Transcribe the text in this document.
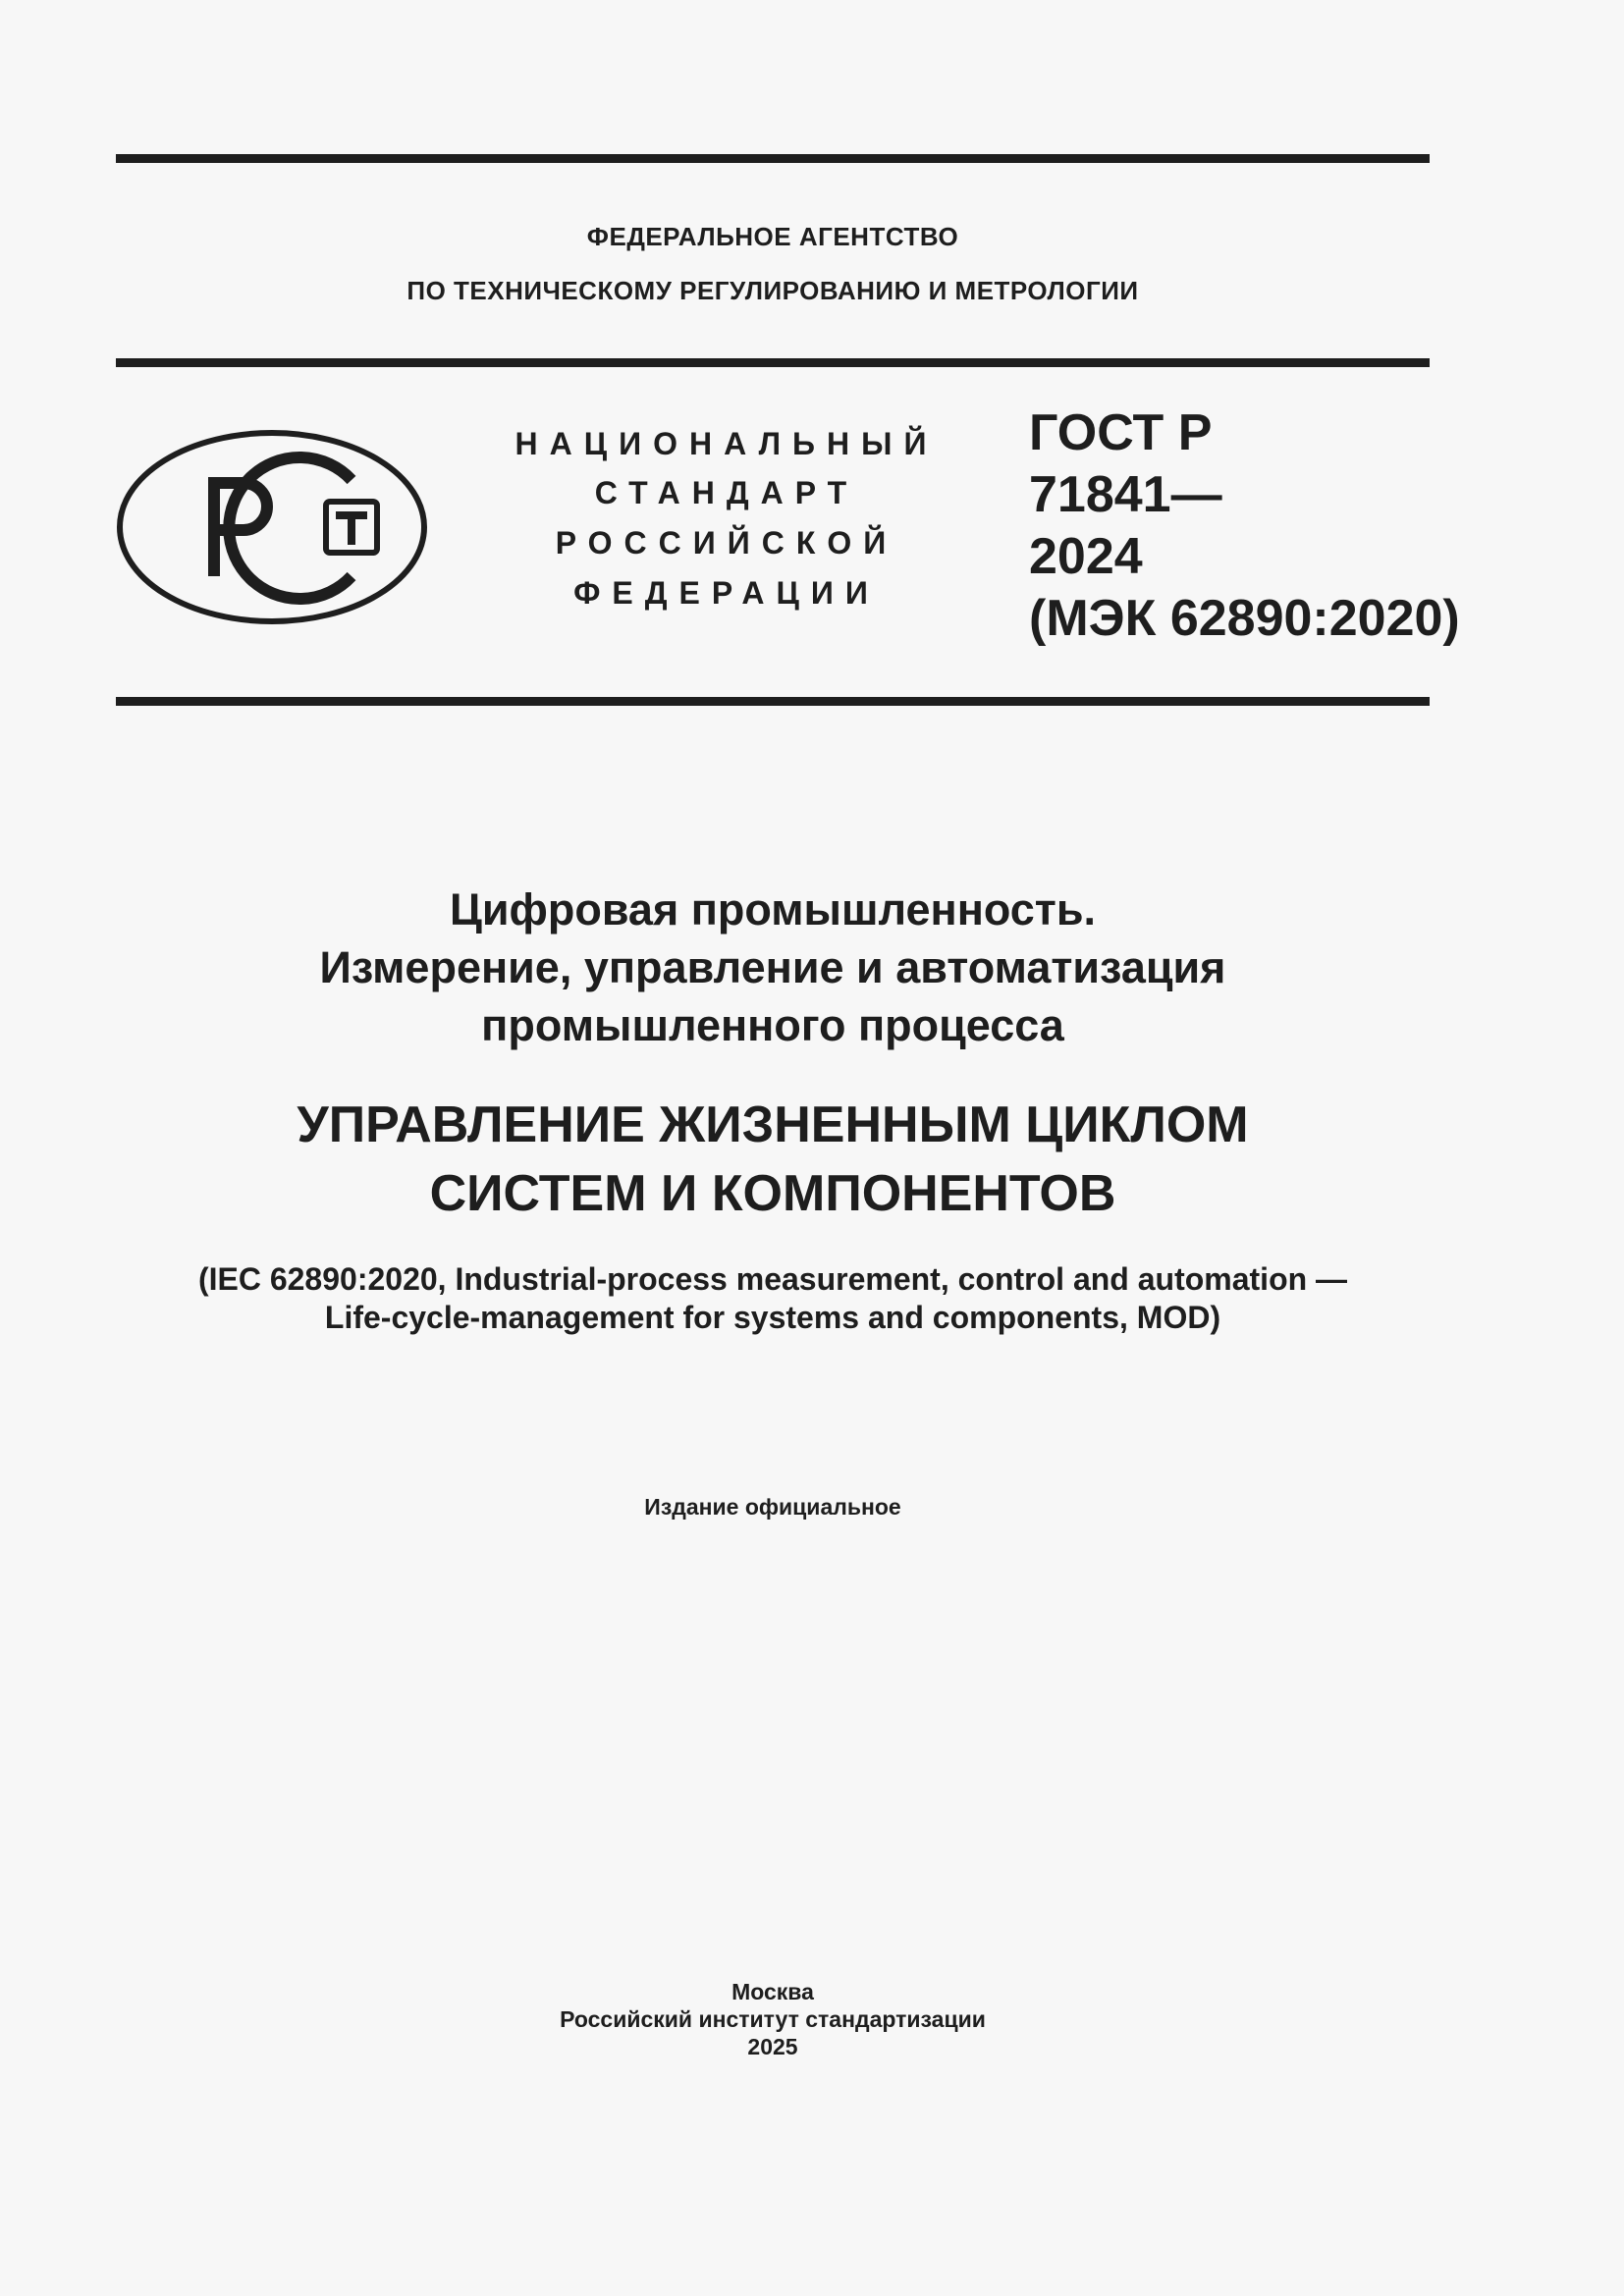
ФЕДЕРАЛЬНОЕ АГЕНТСТВО
ПО ТЕХНИЧЕСКОМУ РЕГУЛИРОВАНИЮ И МЕТРОЛОГИИ
НАЦИОНАЛЬНЫЙ
СТАНДАРТ
РОССИЙСКОЙ
ФЕДЕРАЦИИ
ГОСТ Р
71841—
2024
(МЭК 62890:2020)
Цифровая промышленность.
Измерение, управление и автоматизация
промышленного процесса
УПРАВЛЕНИЕ ЖИЗНЕННЫМ ЦИКЛОМ
СИСТЕМ И КОМПОНЕНТОВ
(IEC 62890:2020, Industrial-process measurement, control and automation —
Life-cycle-management for systems and components, MOD)
Издание официальное
Москва
Российский институт стандартизации
2025
